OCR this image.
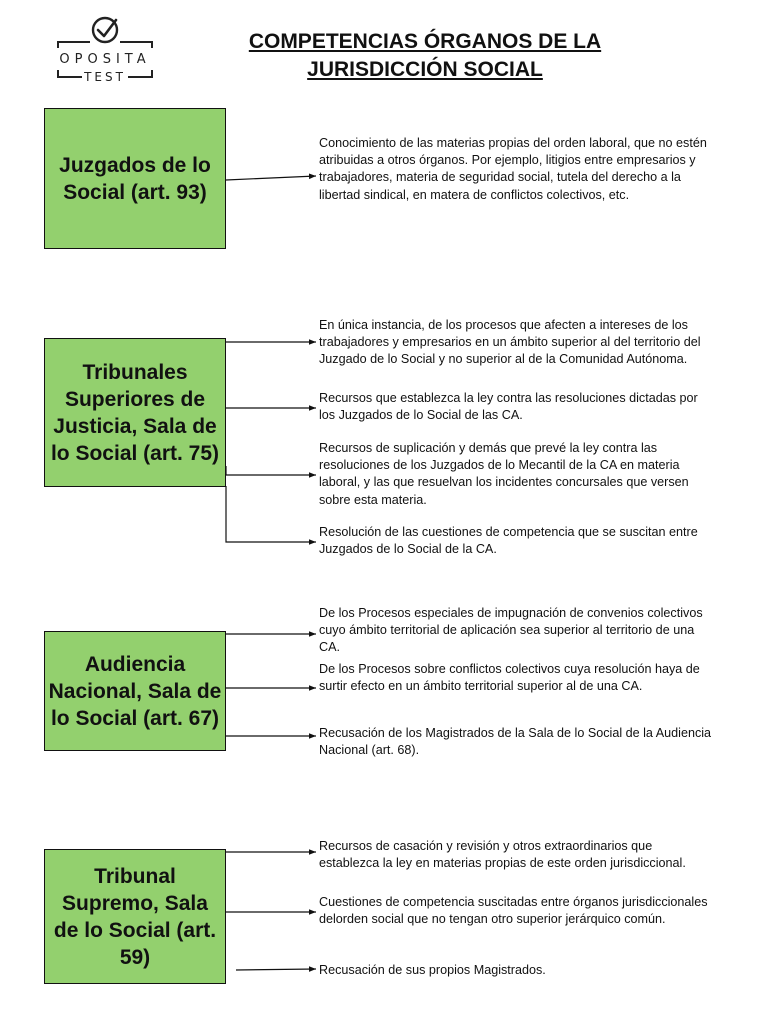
OPOSITA
TEST
COMPETENCIAS ÓRGANOS DE LA
JURISDICCIÓN SOCIAL
Juzgados de lo Social (art. 93)
Conocimiento de las materias propias del orden laboral, que no estén atribuidas a otros órganos. Por ejemplo, litigios entre empresarios y trabajadores, materia de seguridad social, tutela del derecho a la libertad sindical, en matera de conflictos colectivos, etc.
Tribunales Superiores de Justicia, Sala de lo Social (art. 75)
En única instancia, de los procesos que afecten a intereses de los trabajadores y empresarios en un ámbito superior al del territorio del Juzgado de lo Social y no superior al de la Comunidad Autónoma.
Recursos que establezca la ley contra las resoluciones dictadas por los Juzgados de lo Social de las CA.
Recursos de suplicación y demás que prevé la ley contra las resoluciones de los Juzgados de lo Mecantil de la CA en materia laboral, y las que resuelvan los incidentes concursales que versen sobre esta materia.
Resolución de las cuestiones de competencia que se suscitan entre Juzgados de lo Social de la CA.
Audiencia Nacional, Sala de lo Social (art. 67)
De los Procesos especiales de impugnación de convenios colectivos cuyo ámbito territorial de aplicación sea superior al territorio de una CA.
De los Procesos sobre conflictos colectivos cuya resolución haya de surtir efecto en un ámbito territorial superior al de una CA.
Recusación de los Magistrados de la Sala de lo Social de la Audiencia Nacional (art. 68).
Tribunal Supremo, Sala de lo Social (art. 59)
Recursos de casación y revisión y otros extraordinarios que establezca la ley en materias propias de este orden jurisdiccional.
Cuestiones de competencia suscitadas entre órganos jurisdiccionales delorden social que no tengan otro superior jerárquico común.
Recusación de sus propios Magistrados.
